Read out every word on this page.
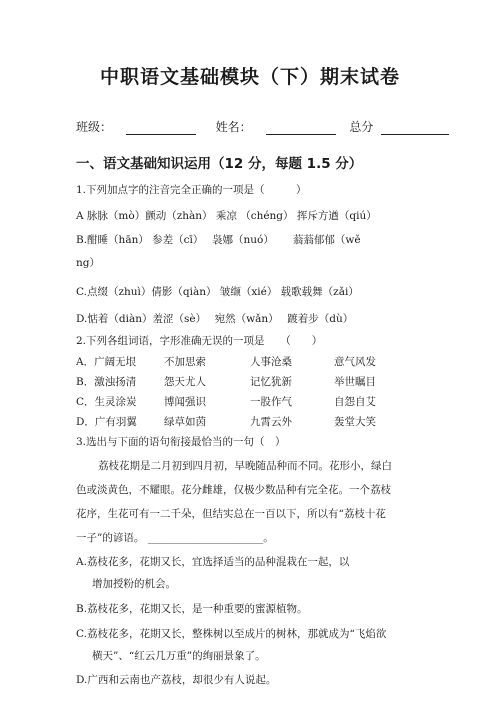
中职语文基础模块（下）期末试卷
班级：	姓名：	总分
一、语文基础知识运用（12 分，每题 1.5 分）
1.下列加点字的注音完全正确的一项是（　　　）
A 脉脉（mò）颤动（zhàn） 乘凉 （chéng） 挥斥方遒（qiú）
B.酣睡（hān） 参差（cī）　 袅娜（nuó）　　 蓊蓊郁郁（wě
ng）
C.点缀（zhuì）倩影（qiàn） 皱缬（xié） 载歌载舞（zǎi）
D.惦着（diàn）羞涩（sè）　 宛然（wǎn）　 踱着步（dù）
2.下列各组词语，字形准确无误的一项是　　（　　）
A．广阔无垠	不加思索	人事沧桑	意气风发
B．激浊扬清	怨天尤人	记忆犹新	举世瞩目
C．生灵涂炭	博闻强识	一股作气	自怨自艾
D．广有羽翼	绿草如茵	九霄云外	轰堂大笑
3.选出与下面的语句衔接最恰当的一句（　）
荔枝花期是二月初到四月初，早晚随品种而不同。花形小，绿白
色或淡黄色，不耀眼。花分雌雄，仅极少数品种有完全花。一个荔枝
花序，生花可有一二千朵，但结实总在一百以下，所以有“荔枝十花
一子”的谚语。 ______________________。
A.荔枝花多，花期又长，宜选择适当的品种混栽在一起，以
增加授粉的机会。
B.荔枝花多，花期又长，是一种重要的蜜源植物。
C.荔枝花多，花期又长，整株树以至成片的树林，那就成为“飞焰欲
横天”、“红云几万重”的绚丽景象了。
D.广西和云南也产荔枝，却很少有人说起。
